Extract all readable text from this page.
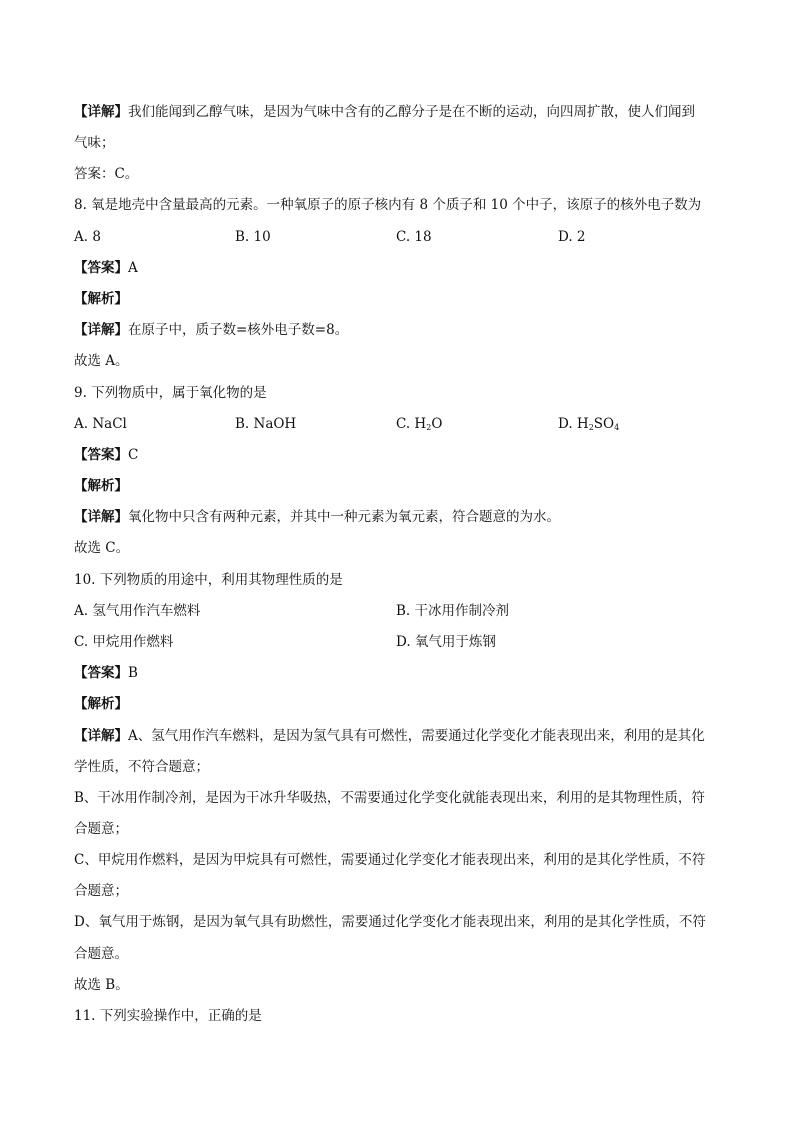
【详解】我们能闻到乙醇气味，是因为气味中含有的乙醇分子是在不断的运动，向四周扩散，使人们闻到
气味；
答案：C。
8. 氧是地壳中含量最高的元素。一种氧原子的原子核内有 8 个质子和 10 个中子，该原子的核外电子数为
A. 8	B. 10	C. 18	D. 2
【答案】A
【解析】
【详解】在原子中，质子数=核外电子数=8。
故选 A。
9. 下列物质中，属于氧化物的是
A. NaCl	B. NaOH	C. $H_2O$	D. $H_2SO_4$
【答案】C
【解析】
【详解】氧化物中只含有两种元素，并其中一种元素为氧元素，符合题意的为水。
故选 C。
10. 下列物质的用途中，利用其物理性质的是
A. 氢气用作汽车燃料	B. 干冰用作制冷剂
C. 甲烷用作燃料	D. 氧气用于炼钢
【答案】B
【解析】
【详解】A、氢气用作汽车燃料，是因为氢气具有可燃性，需要通过化学变化才能表现出来，利用的是其化
学性质，不符合题意；
B、干冰用作制冷剂，是因为干冰升华吸热，不需要通过化学变化就能表现出来，利用的是其物理性质，符
合题意；
C、甲烷用作燃料，是因为甲烷具有可燃性，需要通过化学变化才能表现出来，利用的是其化学性质，不符
合题意；
D、氧气用于炼钢，是因为氧气具有助燃性，需要通过化学变化才能表现出来，利用的是其化学性质，不符
合题意。
故选 B。
11. 下列实验操作中，正确的是
